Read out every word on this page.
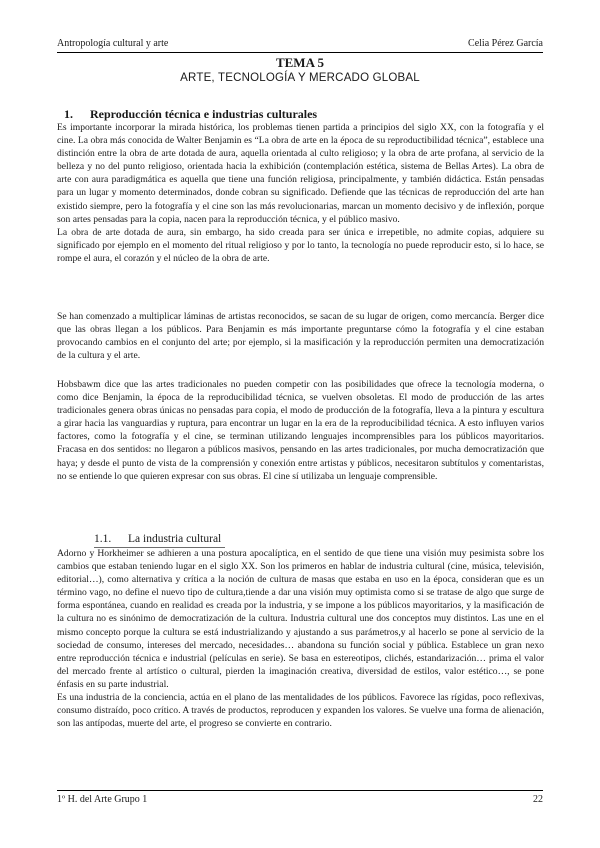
Antropología cultural y arte	Celia Pérez García
TEMA 5
ARTE, TECNOLOGÍA Y MERCADO GLOBAL
1. Reproducción técnica e industrias culturales

Es importante incorporar la mirada histórica, los problemas tienen partida a principios del siglo XX, con la fotografía y el cine. La obra más conocida de Walter Benjamin es “La obra de arte en la época de su reproductibilidad técnica”, establece una distinción entre la obra de arte dotada de aura, aquella orientada al culto religioso; y la obra de arte profana, al servicio de la belleza y no del punto religioso, orientada hacia la exhibición (contemplación estética, sistema de Bellas Artes). La obra de arte con aura paradigmática es aquella que tiene una función religiosa, principalmente, y también didáctica. Están pensadas para un lugar y momento determinados, donde cobran su significado. Defiende que las técnicas de reproducción del arte han existido siempre, pero la fotografía y el cine son las más revolucionarias, marcan un momento decisivo y de inflexión, porque son artes pensadas para la copia, nacen para la reproducción técnica, y el público masivo.

La obra de arte dotada de aura, sin embargo, ha sido creada para ser única e irrepetible, no admite copias, adquiere su significado por ejemplo en el momento del ritual religioso y por lo tanto, la tecnología no puede reproducir esto, si lo hace, se rompe el aura, el corazón y el núcleo de la obra de arte.

Se han comenzado a multiplicar láminas de artistas reconocidos, se sacan de su lugar de origen, como mercancía. Berger dice que las obras llegan a los públicos. Para Benjamin es más importante preguntarse cómo la fotografía y el cine estaban provocando cambios en el conjunto del arte; por ejemplo, si la masificación y la reproducción permiten una democratización de la cultura y el arte.

Hobsbawm dice que las artes tradicionales no pueden competir con las posibilidades que ofrece la tecnología moderna, o como dice Benjamin, la época de la reproducibilidad técnica, se vuelven obsoletas. El modo de producción de las artes tradicionales genera obras únicas no pensadas para copia, el modo de producción de la fotografía, lleva a la pintura y escultura a girar hacia las vanguardias y ruptura, para encontrar un lugar en la era de la reproducibilidad técnica. A esto influyen varios factores, como la fotografía y el cine, se terminan utilizando lenguajes incomprensibles para los públicos mayoritarios. Fracasa en dos sentidos: no llegaron a públicos masivos, pensando en las artes tradicionales, por mucha democratización que haya; y desde el punto de vista de la comprensión y conexión entre artistas y públicos, necesitaron subtítulos y comentaristas, no se entiende lo que quieren expresar con sus obras. El cine sí utilizaba un lenguaje comprensible.

1.1. La industria cultural

Adorno y Horkheimer se adhieren a una postura apocalíptica, en el sentido de que tiene una visión muy pesimista sobre los cambios que estaban teniendo lugar en el siglo XX. Son los primeros en hablar de industria cultural (cine, música, televisión, editorial…), como alternativa y crítica a la noción de cultura de masas que estaba en uso en la época, consideran que es un término vago, no define el nuevo tipo de cultura,tiende a dar una visión muy optimista como si se tratase de algo que surge de forma espontánea, cuando en realidad es creada por la industria, y se impone a los públicos mayoritarios, y la masificación de la cultura no es sinónimo de democratización de la cultura. Industria cultural une dos conceptos muy distintos. Las une en el mismo concepto porque la cultura se está industrializando y ajustando a sus parámetros,y al hacerlo se pone al servicio de la sociedad de consumo, intereses del mercado, necesidades… abandona su función social y pública. Establece un gran nexo entre reproducción técnica e industrial (películas en serie). Se basa en estereotipos, clichés, estandarización… prima el valor del mercado frente al artístico o cultural, pierden la imaginación creativa, diversidad de estilos, valor estético…, se pone énfasis en su parte industrial.

Es una industria de la conciencia, actúa en el plano de las mentalidades de los públicos. Favorece las rígidas, poco reflexivas, consumo distraído, poco crítico. A través de productos, reproducen y expanden los valores. Se vuelve una forma de alienación, son las antípodas, muerte del arte, el progreso se convierte en contrario.

1º H. del Arte Grupo 1	22
